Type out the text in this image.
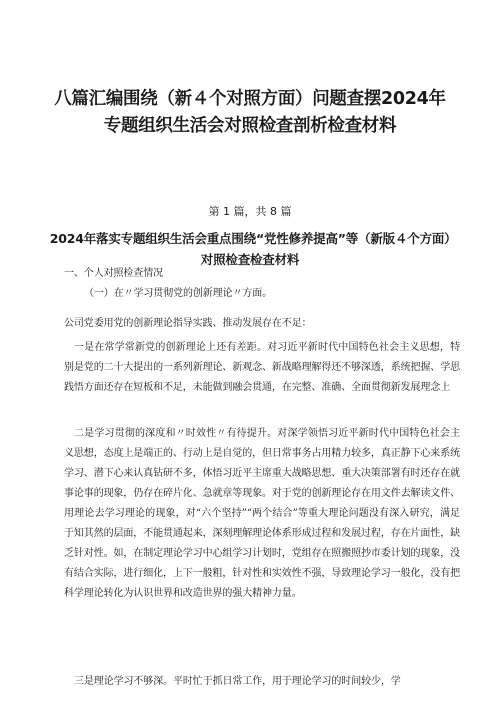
八篇汇编围绕（新４个对照方面）问题查摆2024年
专题组织生活会对照检查剖析检查材料

第 1 篇，共 8 篇

2024年落实专题组织生活会重点围绕“党性修养提高”等（新版４个方面）对照检查检查材料

一、个人对照检查情况

（一）在〃学习贯彻党的创新理论〃方面。

公司党委用党的创新理论指导实践、推动发展存在不足：

一是在常学常新党的创新理论上还有差距。对习近平新时代中国特色社会主义思想，特别是党的二十大提出的一系列新理论、新观念、新战略理解得还不够深透，系统把握、学思践悟方面还存在短板和不足，未能做到融会贯通，在完整、准确、全面贯彻新发展理念上

二是学习贯彻的深度和〃时效性〃有待提升。对深学领悟习近平新时代中国特色社会主义思想，态度上是端正的、行动上是自觉的，但日常事务占用精力较多，真正静下心来系统学习、潜下心来认真钻研不多，体悟习近平主席重大战略思想、重大决策部署有时还存在就事论事的现象，仍存在碎片化、急就章等现象。对于党的创新理论存在用文件去解读文件、用理论去学习理论的现象，对“六个坚持”“两个结合”等重大理论问题没有深入研究，满足于知其然的层面，不能贯通起来，深刻理解理论体系形成过程和发展过程，存在片面性，缺乏针对性。如，在制定理论学习中心组学习计划时，党组存在照搬照抄市委计划的现象，没有结合实际，进行细化，上下一般粗，针对性和实效性不强，导致理论学习一般化，没有把科学理论转化为认识世界和改造世界的强大精神力量。

三是理论学习不够深。平时忙于抓日常工作，用于理论学习的时间较少，学
